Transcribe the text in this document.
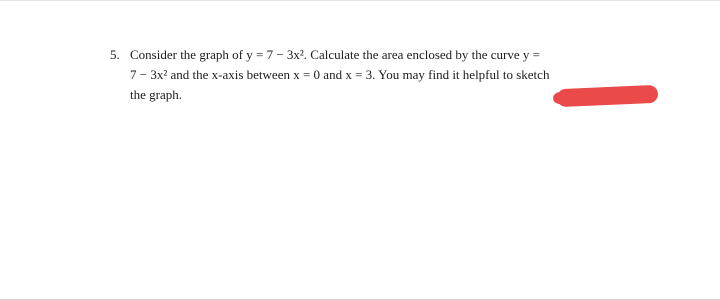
5. Consider the graph of y = 7 − 3x². Calculate the area enclosed by the curve y =
7 − 3x² and the x-axis between x = 0 and x = 3. You may find it helpful to sketch
the graph.
